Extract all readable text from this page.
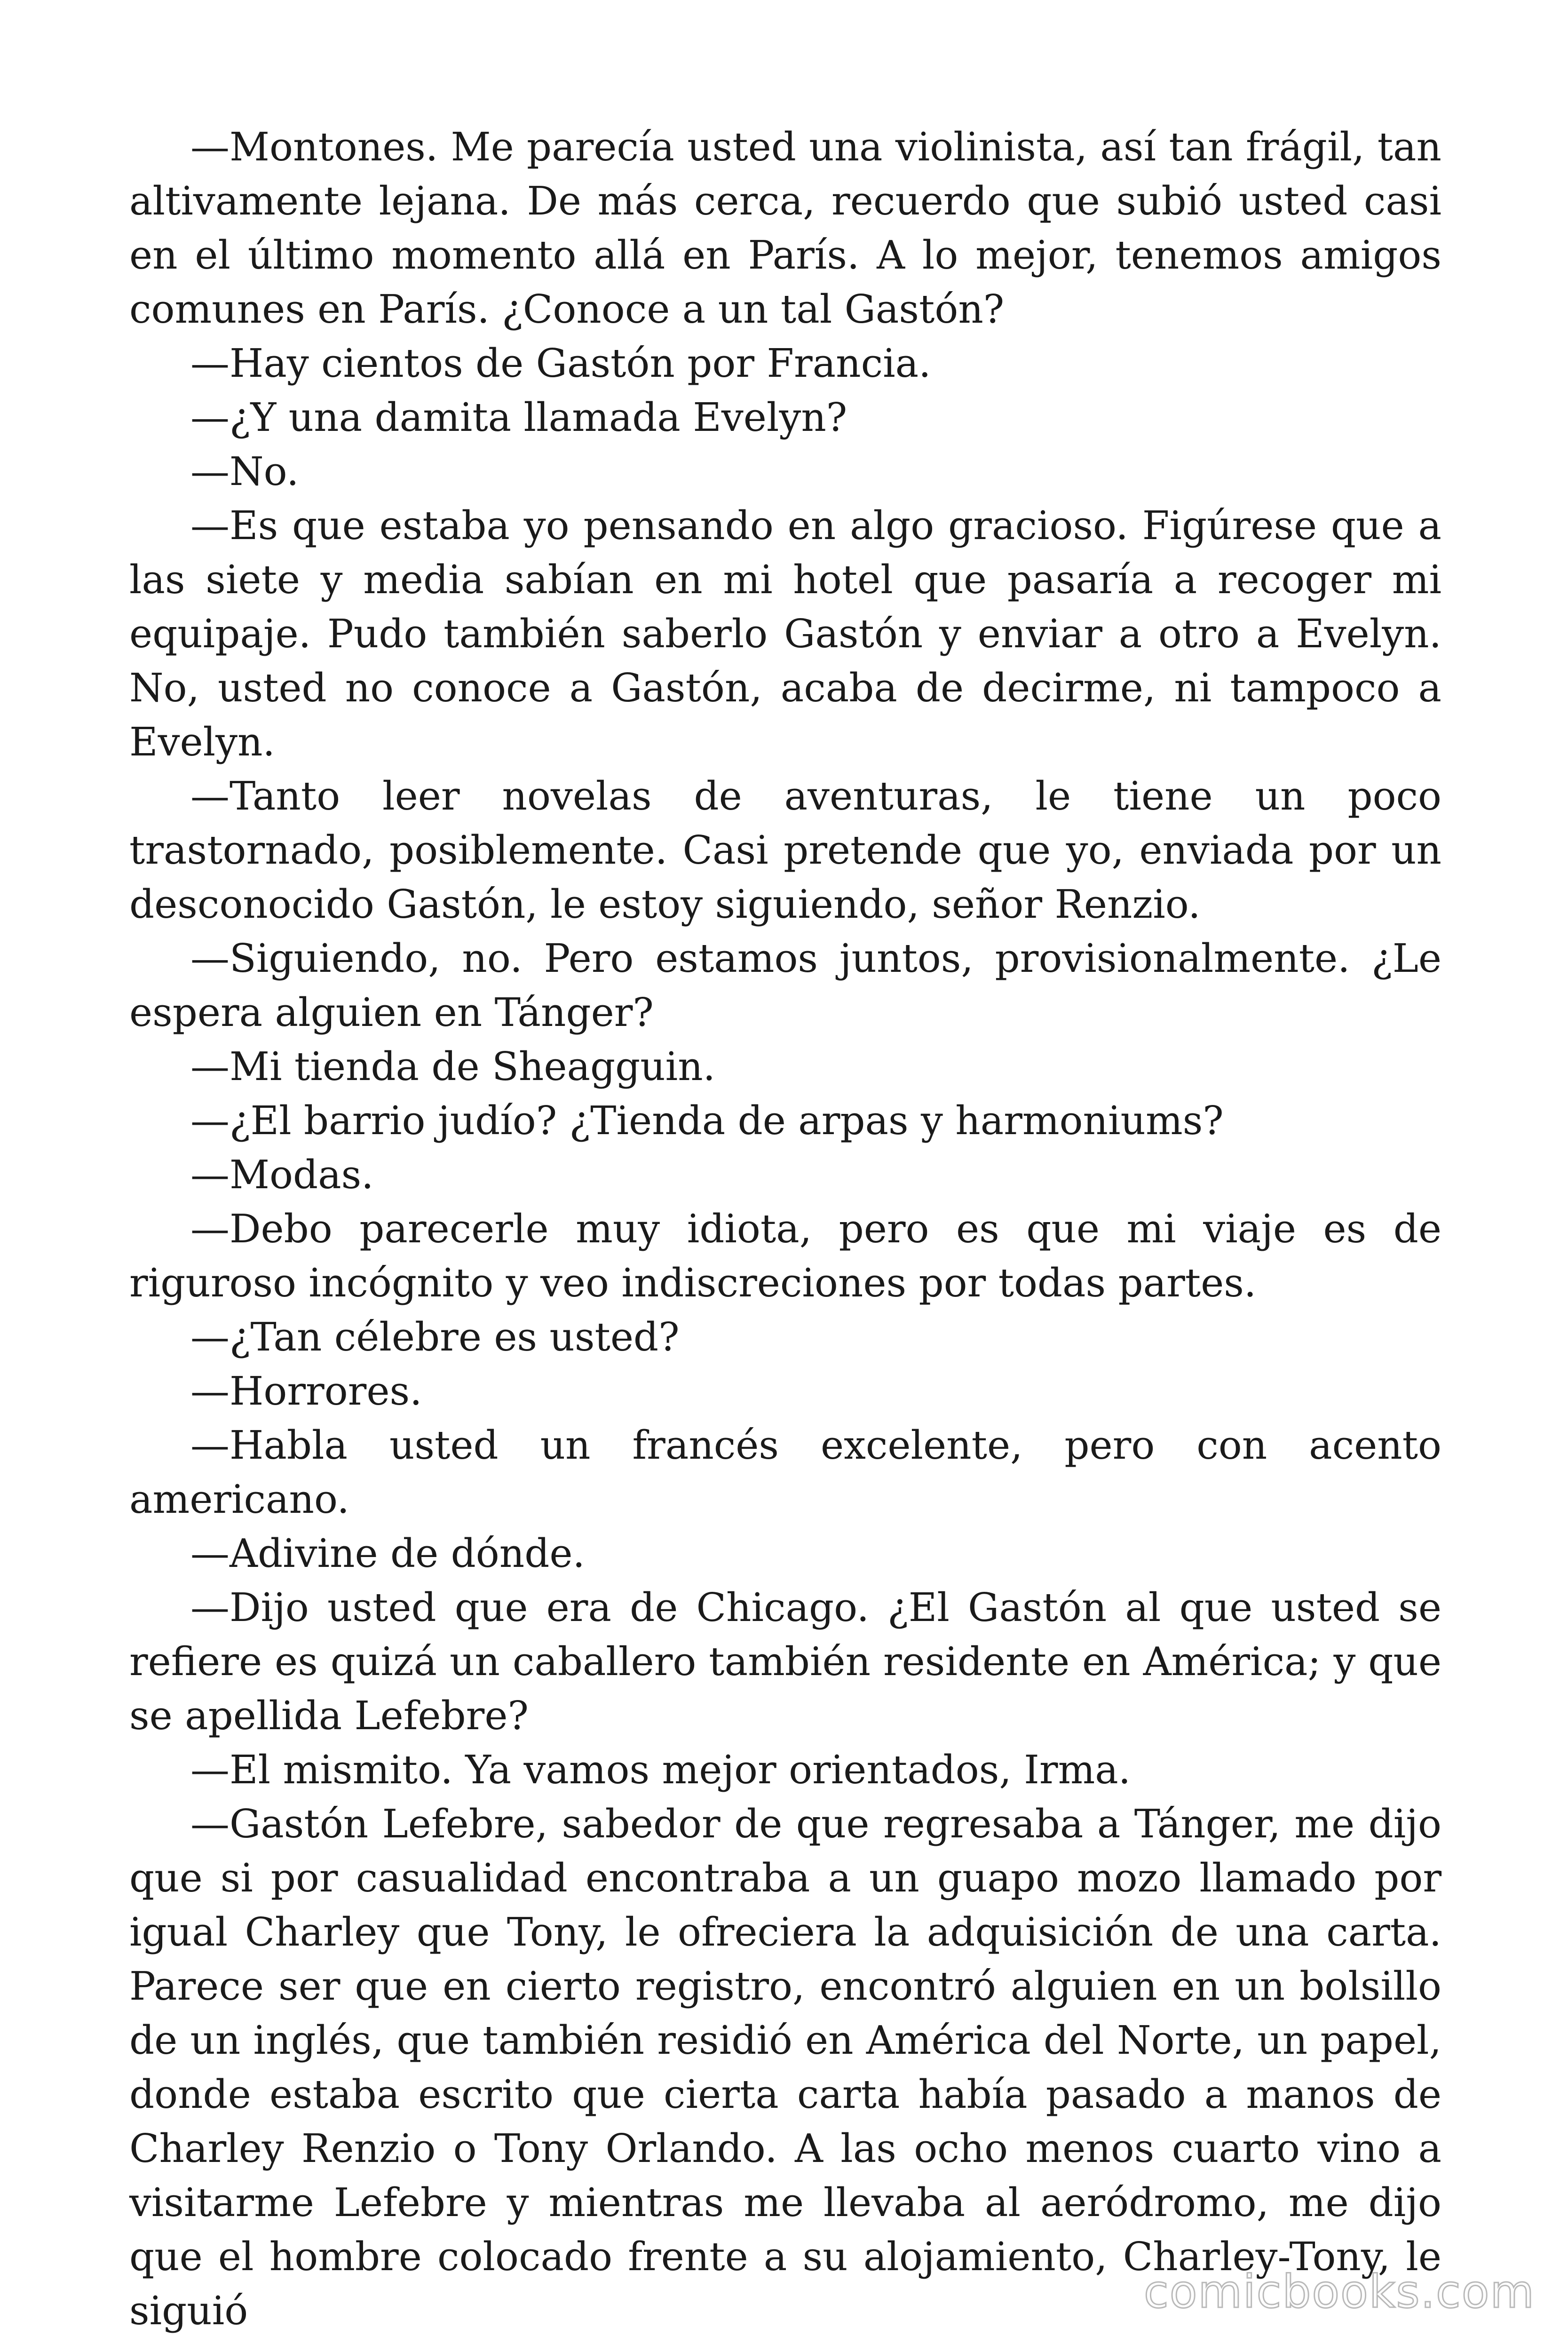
—Montones. Me parecía usted una violinista, así tan frágil, tan altivamente lejana. De más cerca, recuerdo que subió usted casi en el último momento allá en París. A lo mejor, tenemos amigos comunes en París. ¿Conoce a un tal Gastón?

—Hay cientos de Gastón por Francia.

—¿Y una damita llamada Evelyn?

—No.

—Es que estaba yo pensando en algo gracioso. Figúrese que a las siete y media sabían en mi hotel que pasaría a recoger mi equipaje. Pudo también saberlo Gastón y enviar a otro a Evelyn. No, usted no conoce a Gastón, acaba de decirme, ni tampoco a Evelyn.

—Tanto leer novelas de aventuras, le tiene un poco trastornado, posiblemente. Casi pretende que yo, enviada por un desconocido Gastón, le estoy siguiendo, señor Renzio.

—Siguiendo, no. Pero estamos juntos, provisionalmente. ¿Le espera alguien en Tánger?

—Mi tienda de Sheagguin.

—¿El barrio judío? ¿Tienda de arpas y harmoniums?

—Modas.

—Debo parecerle muy idiota, pero es que mi viaje es de riguroso incógnito y veo indiscreciones por todas partes.

—¿Tan célebre es usted?

—Horrores.

—Habla usted un francés excelente, pero con acento americano.

—Adivine de dónde.

—Dijo usted que era de Chicago. ¿El Gastón al que usted se refiere es quizá un caballero también residente en América; y que se apellida Lefebre?

—El mismito. Ya vamos mejor orientados, Irma.

—Gastón Lefebre, sabedor de que regresaba a Tánger, me dijo que si por casualidad encontraba a un guapo mozo llamado por igual Charley que Tony, le ofreciera la adquisición de una carta. Parece ser que en cierto registro, encontró alguien en un bolsillo de un inglés, que también residió en América del Norte, un papel, donde estaba escrito que cierta carta había pasado a manos de Charley Renzio o Tony Orlando. A las ocho menos cuarto vino a visitarme Lefebre y mientras me llevaba al aeródromo, me dijo que el hombre colocado frente a su alojamiento, Charley-Tony, le siguió	comicbooks.com
